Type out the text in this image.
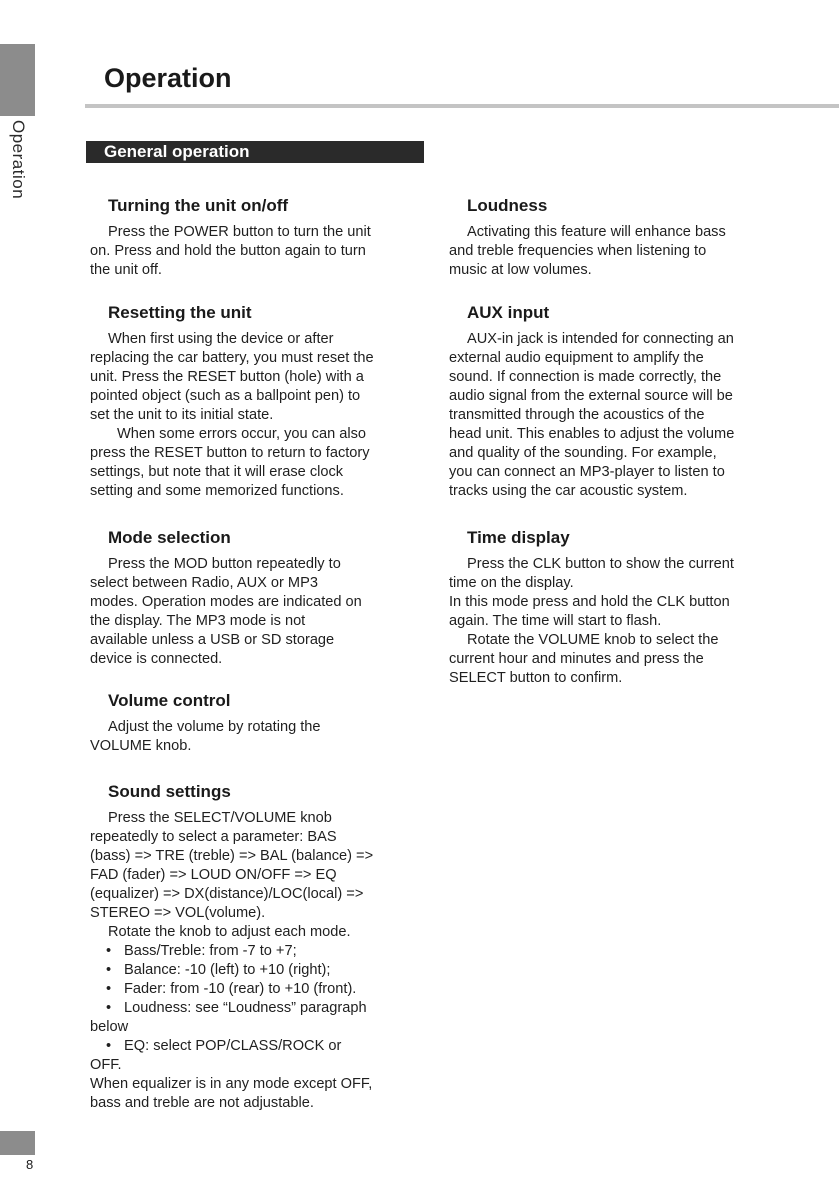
Operation
Operation
General operation
Turning the unit on/off

Press the POWER button to turn the unit

on. Press and hold the button again to turn

the unit off.

Resetting the unit

When first using the device or after

replacing the car battery, you must reset the

unit. Press the RESET button (hole) with a

pointed object (such as a ballpoint pen) to

set the unit to its initial state.

When some errors occur, you can also

press the RESET button to return to factory

settings, but note that it will erase clock

setting and some memorized functions.

Mode selection

Press the MOD button repeatedly to

select between Radio, AUX or MP3

modes. Operation modes are indicated on

the display. The MP3 mode is not

available unless a USB or SD storage

device is connected.

Volume control

Adjust the volume by rotating the

VOLUME knob.

Sound settings

Press the SELECT/VOLUME knob

repeatedly to select a parameter: BAS

(bass) => TRE (treble) => BAL (balance) =>

FAD (fader) => LOUD ON/OFF => EQ

(equalizer) => DX(distance)/LOC(local) =>

STEREO => VOL(volume).

Rotate the knob to adjust each mode.

• Bass/Treble: from -7 to +7;

• Balance: -10 (left) to +10 (right);

• Fader: from -10 (rear) to +10 (front).

• Loudness: see “Loudness” paragraph

below

• EQ: select POP/CLASS/ROCK or

OFF.

When equalizer is in any mode except OFF,

bass and treble are not adjustable.

Loudness

Activating this feature will enhance bass

and treble frequencies when listening to

music at low volumes.

AUX input

AUX-in jack is intended for connecting an

external audio equipment to amplify the

sound. If connection is made correctly, the

audio signal from the external source will be

transmitted through the acoustics of the

head unit. This enables to adjust the volume

and quality of the sounding. For example,

you can connect an MP3-player to listen to

tracks using the car acoustic system.

Time display

Press the CLK button to show the current

time on the display.

In this mode press and hold the CLK button

again. The time will start to flash.

Rotate the VOLUME knob to select the

current hour and minutes and press the

SELECT button to confirm.

8
